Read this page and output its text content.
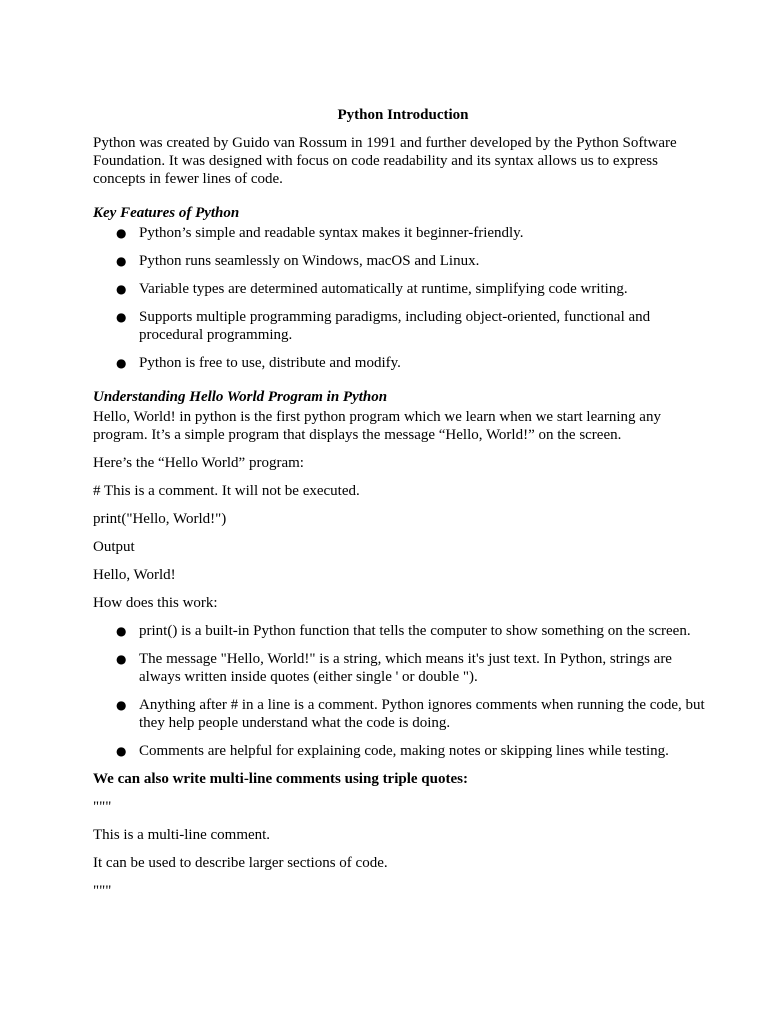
Python Introduction

Python was created by Guido van Rossum in 1991 and further developed by the Python Software Foundation. It was designed with focus on code readability and its syntax allows us to express concepts in fewer lines of code.

Key Features of Python
● Python’s simple and readable syntax makes it beginner-friendly.
● Python runs seamlessly on Windows, macOS and Linux.
● Variable types are determined automatically at runtime, simplifying code writing.
● Supports multiple programming paradigms, including object-oriented, functional and procedural programming.
● Python is free to use, distribute and modify.
Understanding Hello World Program in Python

Hello, World! in python is the first python program which we learn when we start learning any program. It’s a simple program that displays the message “Hello, World!” on the screen.

Here’s the “Hello World” program:

# This is a comment. It will not be executed.

print("Hello, World!")

Output

Hello, World!

How does this work:

● print() is a built-in Python function that tells the computer to show something on the screen.
● The message "Hello, World!" is a string, which means it's just text. In Python, strings are always written inside quotes (either single ' or double ").
● Anything after # in a line is a comment. Python ignores comments when running the code, but they help people understand what the code is doing.
● Comments are helpful for explaining code, making notes or skipping lines while testing.
We can also write multi-line comments using triple quotes:

"""

This is a multi-line comment.

It can be used to describe larger sections of code.

"""
